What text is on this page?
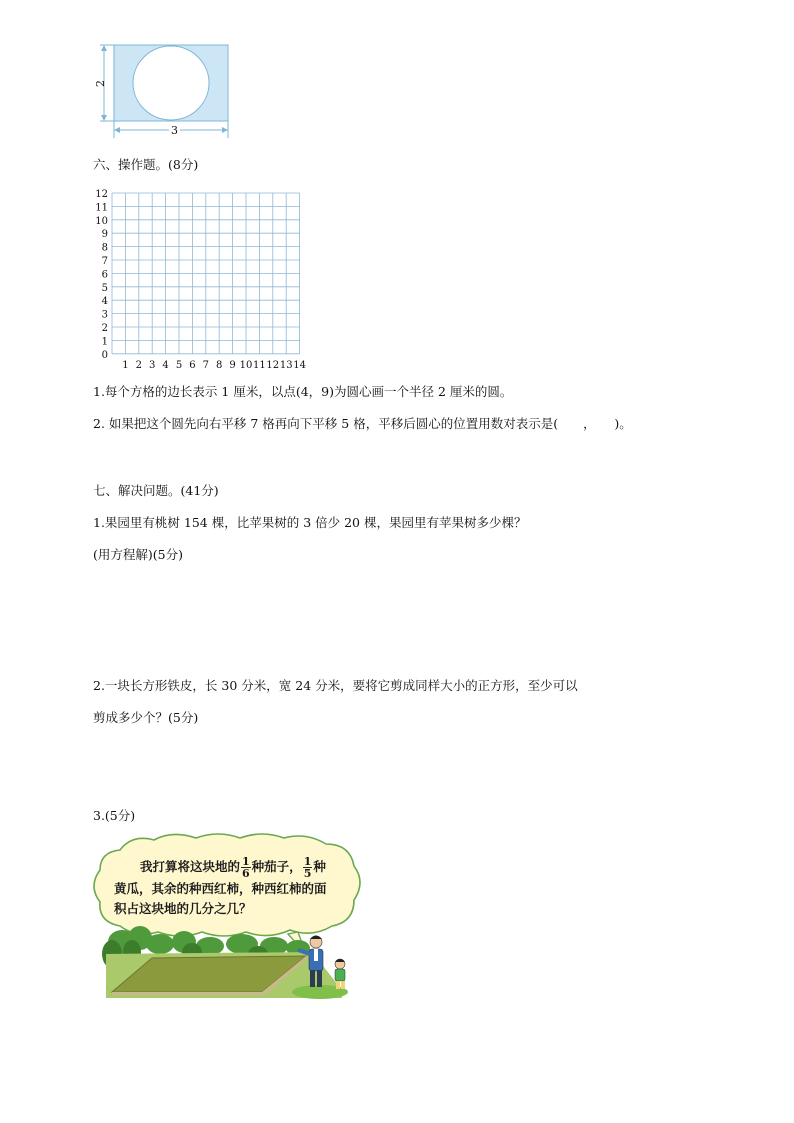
2
3
六、操作题。(8分)
12
11
10
9
8
7
6
5
4
3
2
1
0
1 2 3 4 5 6 7 8 9 10 11 12 13 14
1.每个方格的边长表示 1 厘米，以点(4，9)为圆心画一个半径 2 厘米的圆。
2. 如果把这个圆先向右平移 7 格再向下平移 5 格，平移后圆心的位置用数对表示是(　　，　　)。
七、解决问题。(41分)
1.果园里有桃树 154 棵，比苹果树的 3 倍少 20 棵，果园里有苹果树多少棵？
(用方程解)(5分)
2.一块长方形铁皮，长 30 分米，宽 24 分米，要将它剪成同样大小的正方形，至少可以
剪成多少个？(5分)
3.(5分)
我打算将这块地的 $\frac{1}{6}$ 种茄子， $\frac{1}{5}$ 种
黄瓜，其余的种西红柿，种西红柿的面
积占这块地的几分之几？
